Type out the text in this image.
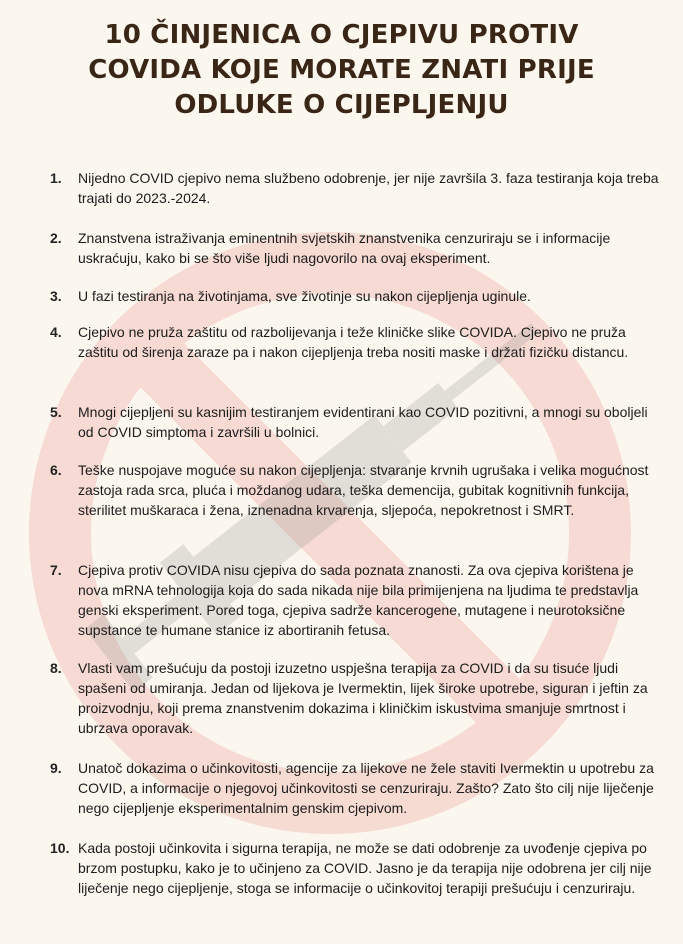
10 ČINJENICA O CJEPIVU PROTIV
COVIDA KOJE MORATE ZNATI PRIJE
ODLUKE O CIJEPLJENJU
1. Nijedno COVID cjepivo nema službeno odobrenje, jer nije završila 3. faza testiranja koja treba trajati do 2023.-2024.
2. Znanstvena istraživanja eminentnih svjetskih znanstvenika cenzuriraju se i informacije uskraćuju, kako bi se što više ljudi nagovorilo na ovaj eksperiment.
3. U fazi testiranja na životinjama, sve životinje su nakon cijepljenja uginule.
4. Cjepivo ne pruža zaštitu od razbolijevanja i teže kliničke slike COVIDA. Cjepivo ne pruža zaštitu od širenja zaraze pa i nakon cijepljenja treba nositi maske i držati fizičku distancu.
5. Mnogi cijepljeni su kasnijim testiranjem evidentirani kao COVID pozitivni, a mnogi su oboljeli od COVID simptoma i završili u bolnici.
6. Teške nuspojave moguće su nakon cijepljenja: stvaranje krvnih ugrušaka i velika mogućnost zastoja rada srca, pluća i moždanog udara, teška demencija, gubitak kognitivnih funkcija, sterilitet muškaraca i žena, iznenadna krvarenja, sljepoća, nepokretnost i SMRT.
7. Cjepiva protiv COVIDA nisu cjepiva do sada poznata znanosti. Za ova cjepiva korištena je nova mRNA tehnologija koja do sada nikada nije bila primijenjena na ljudima te predstavlja genski eksperiment. Pored toga, cjepiva sadrže kancerogene, mutagene i neurotoksične supstance te humane stanice iz abortiranih fetusa.
8. Vlasti vam prešućuju da postoji izuzetno uspješna terapija za COVID i da su tisuće ljudi spašeni od umiranja. Jedan od lijekova je Ivermektin, lijek široke upotrebe, siguran i jeftin za proizvodnju, koji prema znanstvenim dokazima i kliničkim iskustvima smanjuje smrtnost i ubrzava oporavak.
9. Unatoč dokazima o učinkovitosti, agencije za lijekove ne žele staviti Ivermektin u upotrebu za COVID, a informacije o njegovoj učinkovitosti se cenzuriraju. Zašto? Zato što cilj nije liječenje nego cijepljenje eksperimentalnim genskim cjepivom.
10. Kada postoji učinkovita i sigurna terapija, ne može se dati odobrenje za uvođenje cjepiva po brzom postupku, kako je to učinjeno za COVID. Jasno je da terapija nije odobrena jer cilj nije liječenje nego cijepljenje, stoga se informacije o učinkovitoj terapiji prešućuju i cenzuriraju.
